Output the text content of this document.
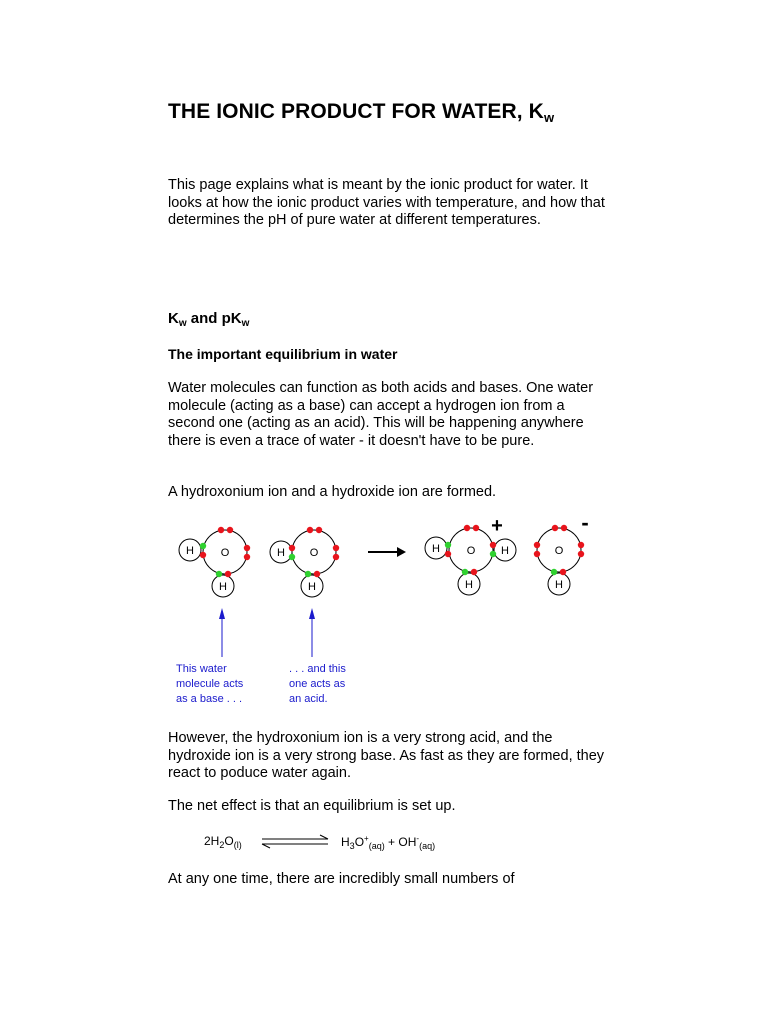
THE IONIC PRODUCT FOR WATER, $K_w$
This page explains what is meant by the ionic product for water. It looks at how the ionic product varies with temperature, and how that determines the pH of pure water at different temperatures.
$K_w$ and $pK_w$
The important equilibrium in water
Water molecules can function as both acids and bases. One water molecule (acting as a base) can accept a hydrogen ion from a second one (acting as an acid). This will be happening anywhere there is even a trace of water - it doesn't have to be pure.
A hydroxonium ion and a hydroxide ion are formed.
O
H
H
O
H
H
O
H	H
H
+
O
H
-
This water
molecule acts
as a base . . .
. . . and this
one acts as
an acid.
However, the hydroxonium ion is a very strong acid, and the hydroxide ion is a very strong base. As fast as they are formed, they react to poduce water again.
The net effect is that an equilibrium is set up.
$2H_2O_{(l)}$	$H_3O^+_{(aq)} + OH^-_{(aq)}$
At any one time, there are incredibly small numbers of
